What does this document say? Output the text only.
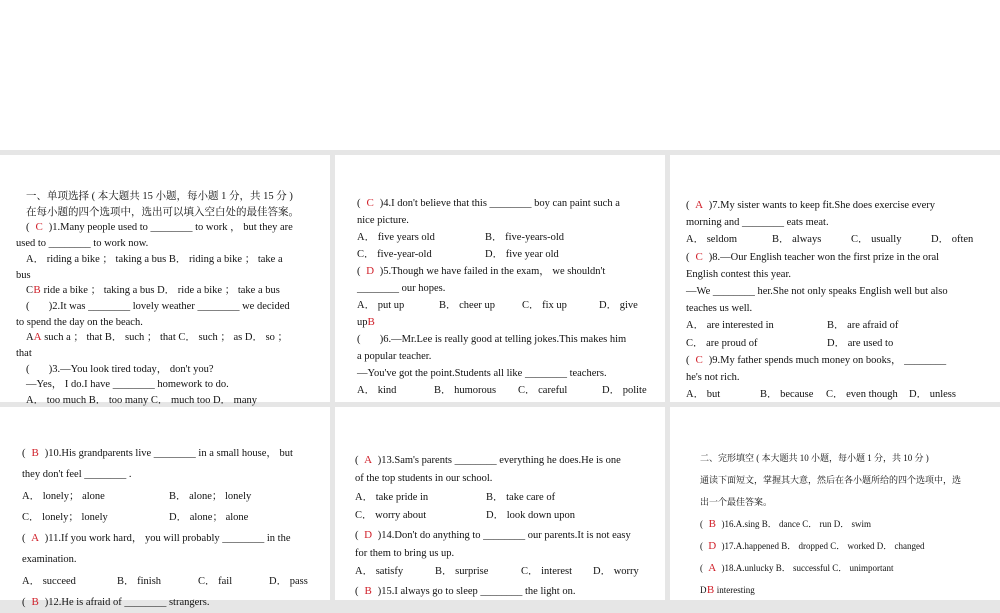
一、单项选择 ( 本大题共 15 小题，每小题 1 分，共 15 分 )
在每小题的四个选项中，选出可以填入空白处的最佳答案。
( C )1.Many people used to ________ to work ， but they are
used to ________ to work now.
A． riding a bike ； taking a bus B． riding a bike ； take a
bus
CB ride a bike ； taking a bus D． ride a bike ； take a bus
( )2.It was ________ lovely weather ________ we decided
to spend the day on the beach.
AA such a ； that B． such ； that C． such ； as D． so ；
that
( )3.—You look tired today， don't you?
—Yes， I do.I have ________ homework to do.
A． too much B． too many C． much too D． many
( C )4.I don't believe that this ________ boy can paint such a
nice picture.
A． five years old	B． five-years-old
C． five-year-old	D． five year old
( D )5.Though we have failed in the exam， we shouldn't
________ our hopes.
A． put up	B． cheer up	C． fix up	D． give
upB
( )6.—Mr.Lee is really good at telling jokes.This makes him
a popular teacher.
—You've got the point.Students all like ________ teachers.
A． kind	B． humorous	C． careful	D． polite
( A )7.My sister wants to keep fit.She does exercise every
morning and ________ eats meat.
A． seldom	B． always	C． usually	D． often
( C )8.—Our English teacher won the first prize in the oral
English contest this year.
—We ________ her.She not only speaks English well but also
teaches us well.
A． are interested in	B． are afraid of
C． are proud of	D． are used to
( C )9.My father spends much money on books， ________
he's not rich.
A． but	B． because	C． even though	D． unless
( B )10.His grandparents live ________ in a small house， but
they don't feel ________ .
A． lonely； alone	B． alone； lonely
C． lonely； lonely	D． alone； alone
( A )11.If you work hard， you will probably ________ in the
examination.
A． succeed	B． finish	C． fail	D． pass
( B )12.He is afraid of ________ strangers.
( A )13.Sam's parents ________ everything he does.He is one
of the top students in our school.
A． take pride in	B． take care of
C． worry about	D． look down upon
( D )14.Don't do anything to ________ our parents.It is not easy
for them to bring us up.
A． satisfy	B． surprise	C． interest	D． worry
( B )15.I always go to sleep ________ the light on.
二、完形填空 ( 本大题共 10 小题，每小题 1 分，共 10 分 )
通读下面短文，掌握其大意，然后在各小题所给的四个选项中，选
出一个最佳答案。
( B )16.A.sing B． dance C． run D． swim
( D )17.A.happened B． dropped C． worked D． changed
( A )18.A.unlucky B． successful C． unimportant
DB interesting
